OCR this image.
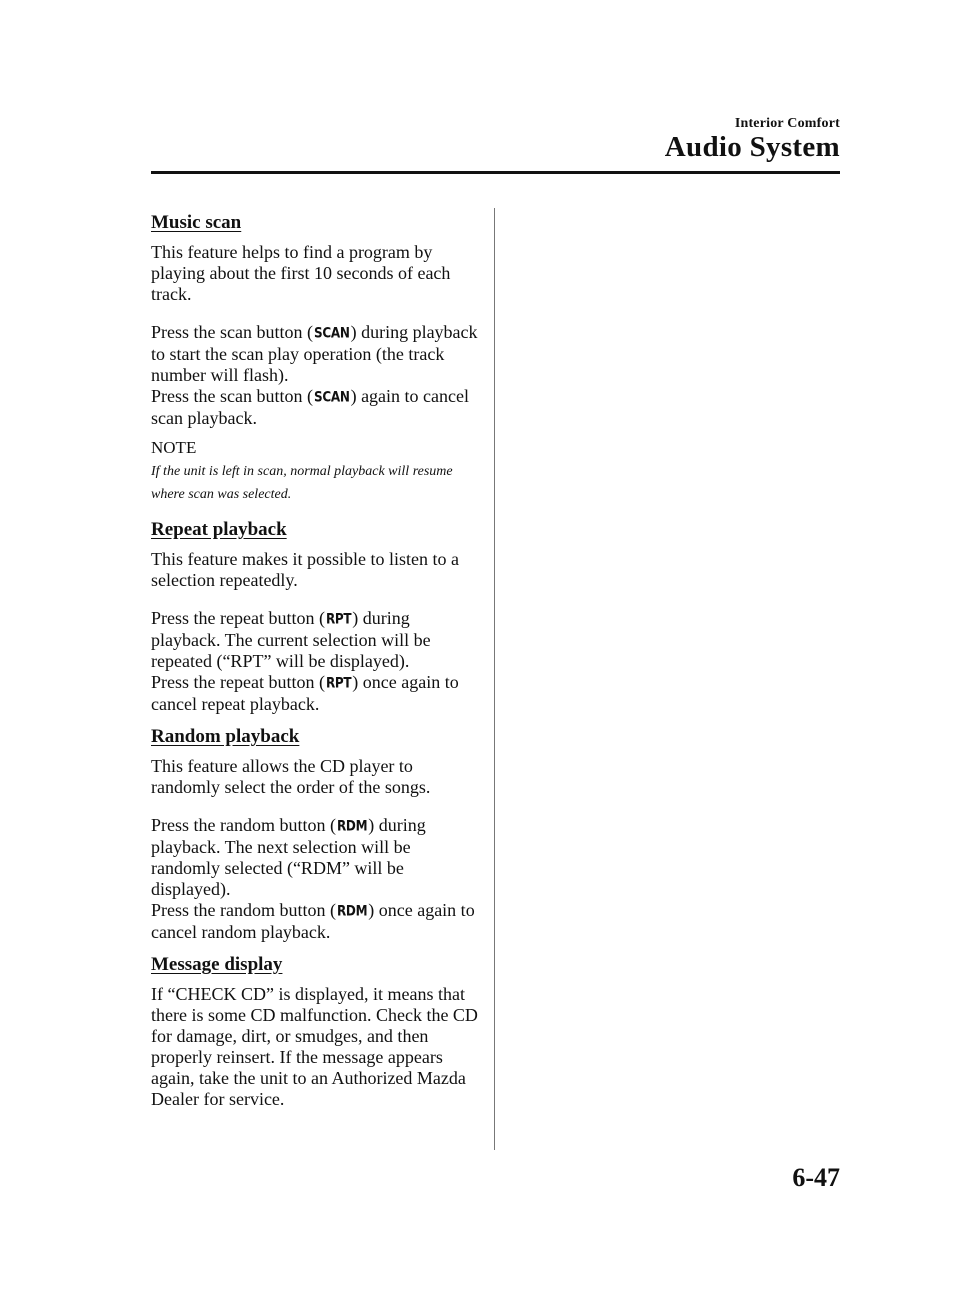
Interior Comfort
Audio System
Music scan

This feature helps to find a program by playing about the first 10 seconds of each track.

Press the scan button (SCAN) during playback to start the scan play operation (the track number will flash).
Press the scan button (SCAN) again to cancel scan playback.

NOTE
If the unit is left in scan, normal playback will resume where scan was selected.
Repeat playback

This feature makes it possible to listen to a selection repeatedly.

Press the repeat button (RPT) during playback. The current selection will be repeated (“RPT” will be displayed).
Press the repeat button (RPT) once again to cancel repeat playback.

Random playback

This feature allows the CD player to randomly select the order of the songs.

Press the random button (RDM) during playback. The next selection will be randomly selected (“RDM” will be displayed).
Press the random button (RDM) once again to cancel random playback.

Message display

If “CHECK CD” is displayed, it means that there is some CD malfunction. Check the CD for damage, dirt, or smudges, and then properly reinsert. If the message appears again, take the unit to an Authorized Mazda Dealer for service.

6-47
